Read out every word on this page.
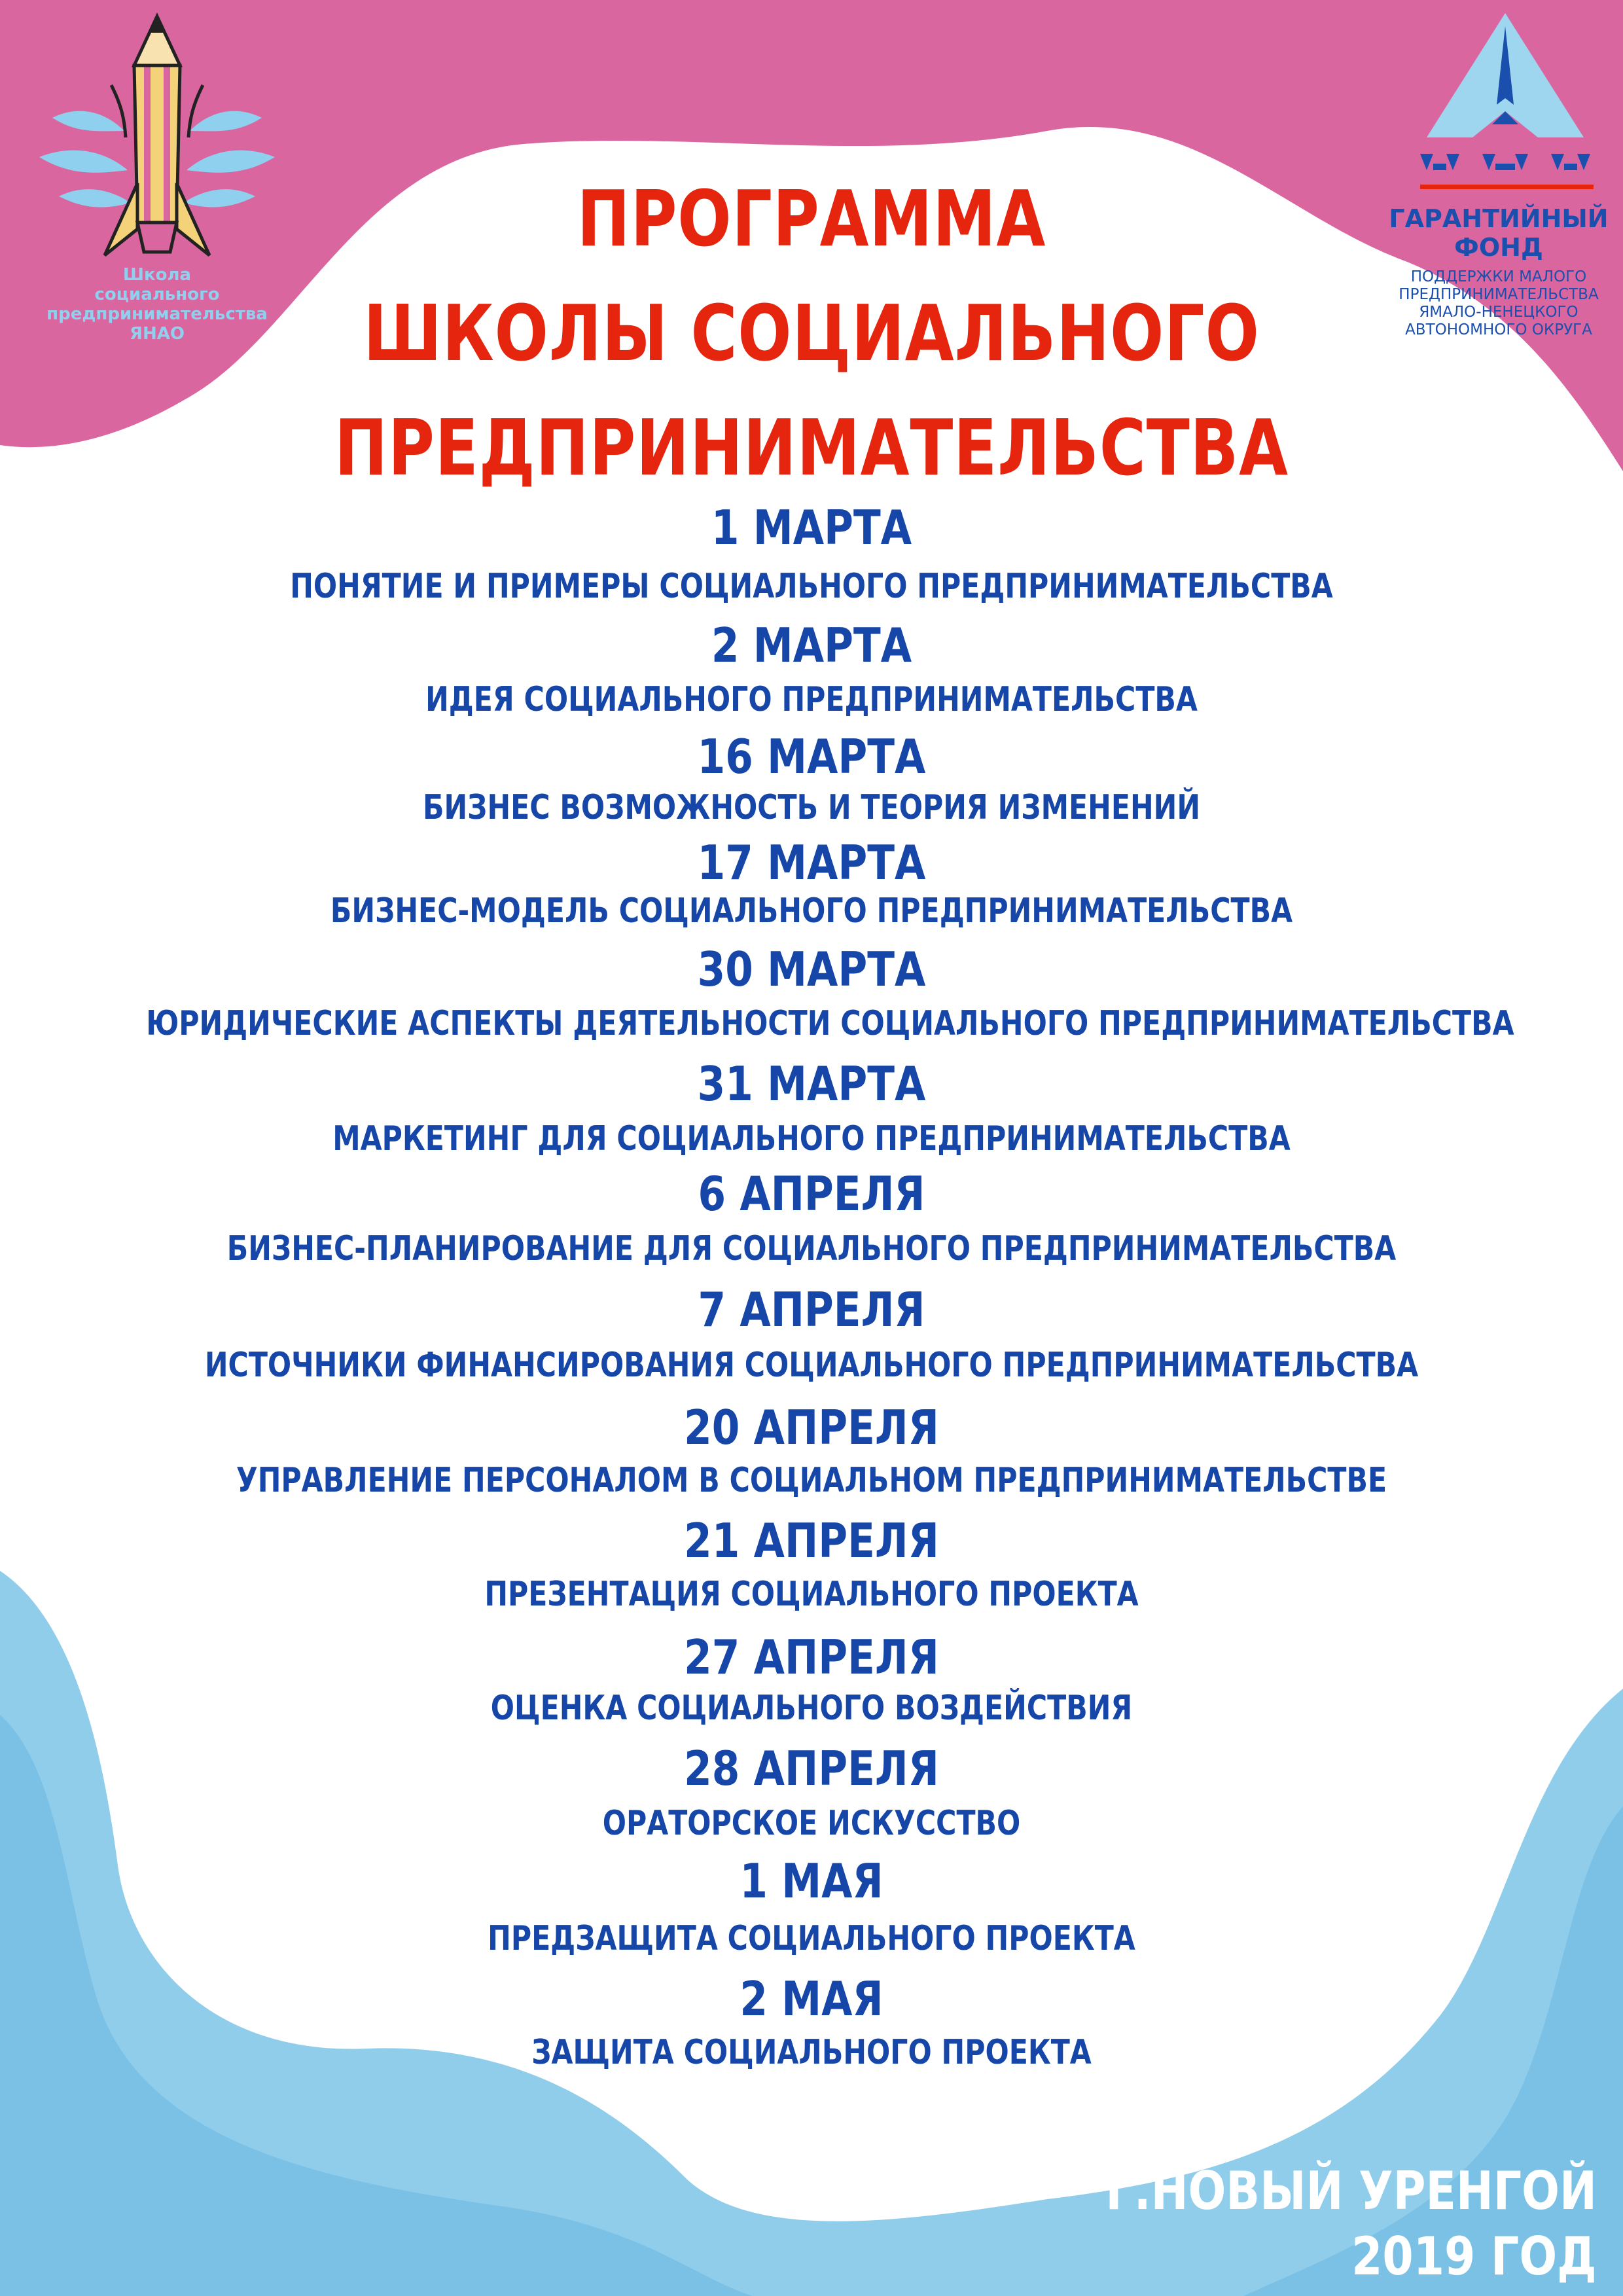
Школа
социального
предпринимательства
ЯНАО
ГАРАНТИЙНЫЙ
ФОНД
ПОДДЕРЖКИ МАЛОГО
ПРЕДПРИНИМАТЕЛЬСТВА
ЯМАЛО-НЕНЕЦКОГО
АВТОНОМНОГО ОКРУГА
ПРОГРАММА
ШКОЛЫ СОЦИАЛЬНОГО
ПРЕДПРИНИМАТЕЛЬСТВА
1 МАРТА
ПОНЯТИЕ И ПРИМЕРЫ СОЦИАЛЬНОГО ПРЕДПРИНИМАТЕЛЬСТВА
2 МАРТА
ИДЕЯ СОЦИАЛЬНОГО ПРЕДПРИНИМАТЕЛЬСТВА
16 МАРТА
БИЗНЕС ВОЗМОЖНОСТЬ И ТЕОРИЯ ИЗМЕНЕНИЙ
17 МАРТА
БИЗНЕС-МОДЕЛЬ СОЦИАЛЬНОГО ПРЕДПРИНИМАТЕЛЬСТВА
30 МАРТА
ЮРИДИЧЕСКИЕ АСПЕКТЫ ДЕЯТЕЛЬНОСТИ СОЦИАЛЬНОГО ПРЕДПРИНИМАТЕЛЬСТВА
31 МАРТА
МАРКЕТИНГ ДЛЯ СОЦИАЛЬНОГО ПРЕДПРИНИМАТЕЛЬСТВА
6 АПРЕЛЯ
БИЗНЕС-ПЛАНИРОВАНИЕ ДЛЯ СОЦИАЛЬНОГО ПРЕДПРИНИМАТЕЛЬСТВА
7 АПРЕЛЯ
ИСТОЧНИКИ ФИНАНСИРОВАНИЯ СОЦИАЛЬНОГО ПРЕДПРИНИМАТЕЛЬСТВА
20 АПРЕЛЯ
УПРАВЛЕНИЕ ПЕРСОНАЛОМ В СОЦИАЛЬНОМ ПРЕДПРИНИМАТЕЛЬСТВЕ
21 АПРЕЛЯ
ПРЕЗЕНТАЦИЯ СОЦИАЛЬНОГО ПРОЕКТА
27 АПРЕЛЯ
ОЦЕНКА СОЦИАЛЬНОГО ВОЗДЕЙСТВИЯ
28 АПРЕЛЯ
ОРАТОРСКОЕ ИСКУССТВО
1 МАЯ
ПРЕДЗАЩИТА СОЦИАЛЬНОГО ПРОЕКТА
2 МАЯ
ЗАЩИТА СОЦИАЛЬНОГО ПРОЕКТА
Г.НОВЫЙ УРЕНГОЙ
2019 ГОД
